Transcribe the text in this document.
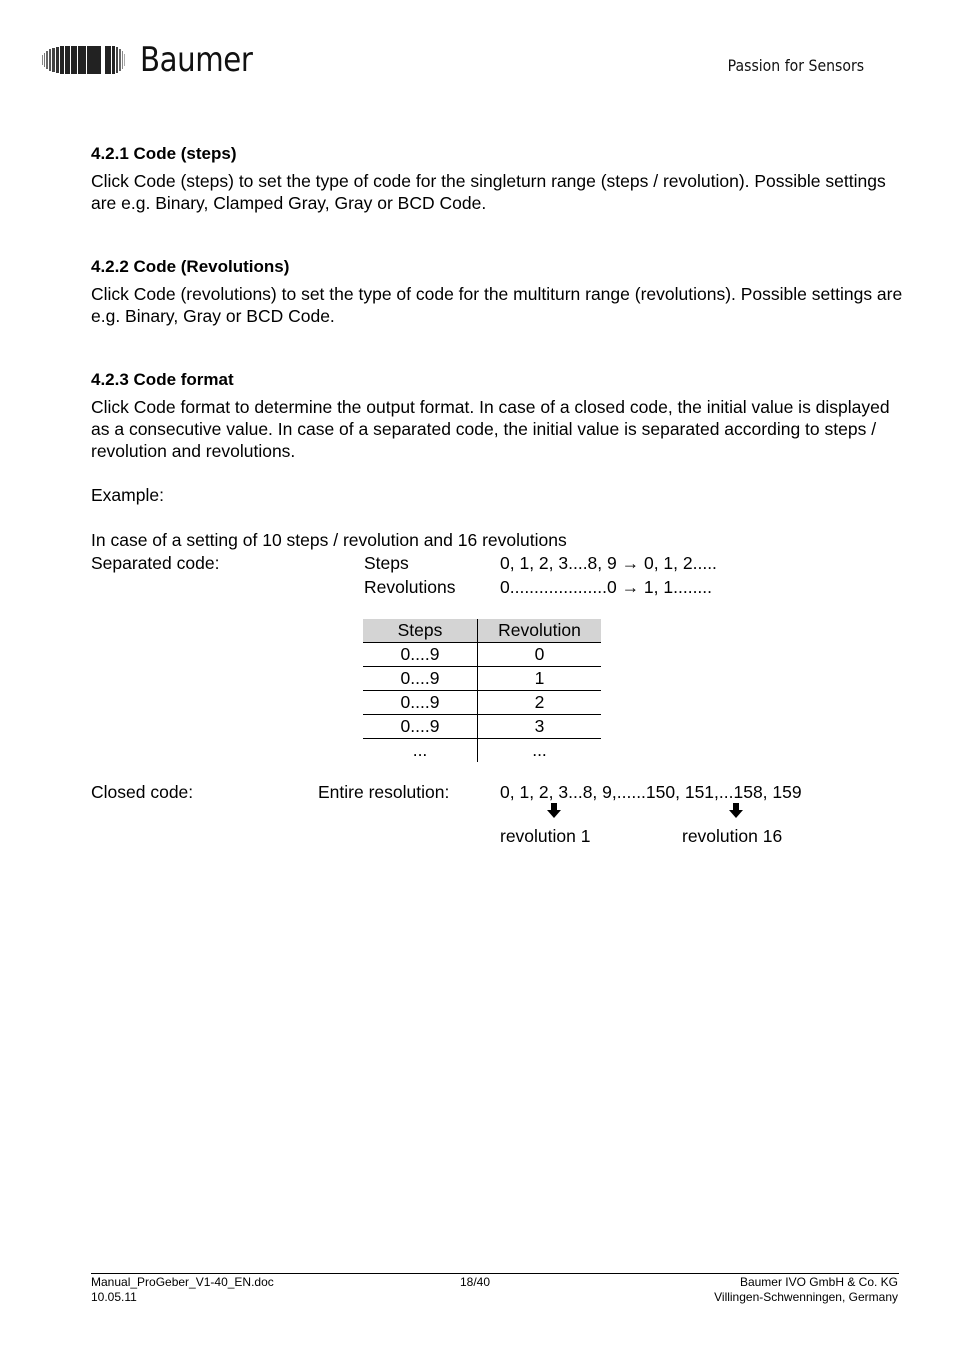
Baumer	Passion for Sensors
4.2.1 Code (steps)
Click Code (steps) to set the type of code for the singleturn range (steps / revolution). Possible settings are e.g. Binary, Clamped Gray, Gray or BCD Code.
4.2.2 Code (Revolutions)
Click Code (revolutions) to set the type of code for the multiturn range (revolutions). Possible settings are e.g. Binary, Gray or BCD Code.
4.2.3 Code format
Click Code format to determine the output format. In case of a closed code, the initial value is displayed as a consecutive value. In case of a separated code, the initial value is separated according to steps / revolution and revolutions.
Example:
In case of a setting of 10 steps / revolution and 16 revolutions
Separated code:	Steps	0, 1, 2, 3....8, 9 → 0, 1, 2.....
Revolutions	0....................0 → 1, 1........
Steps	Revolution
0....9	0
0....9	1
0....9	2
0....9	3
...	...
Closed code:	Entire resolution:	0, 1, 2, 3...8, 9,......150, 151,...158, 159
revolution 1	revolution 16
Manual_ProGeber_V1-40_EN.doc
10.05.11
18/40	Baumer IVO GmbH & Co. KG
Villingen-Schwenningen, Germany
